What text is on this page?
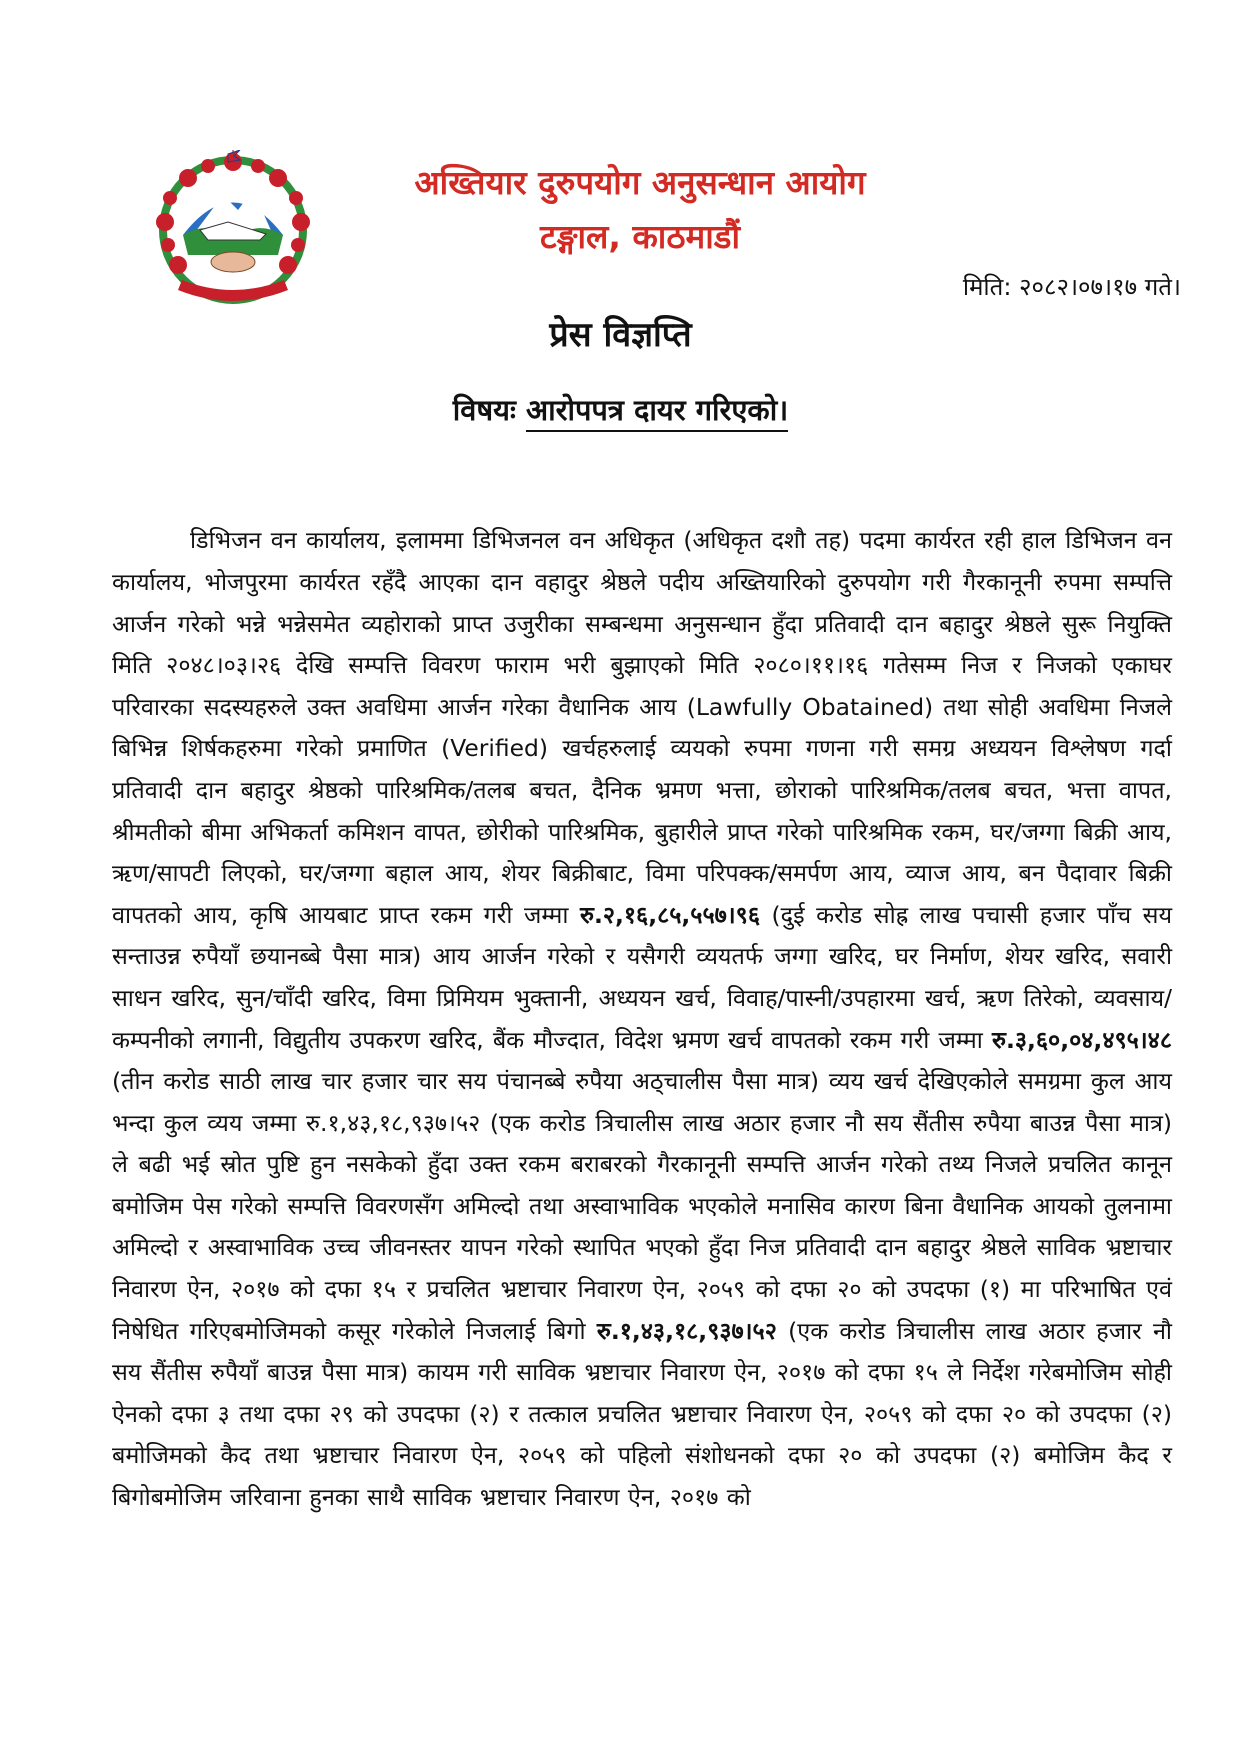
अख्तियार दुरुपयोग अनुसन्धान आयोग
टङ्गाल, काठमाडौं
मिति: २०८२।०७।१७ गते।
प्रेस विज्ञप्ति
विषयः आरोपपत्र दायर गरिएको।

डिभिजन वन कार्यालय, इलाममा डिभिजनल वन अधिकृत (अधिकृत दशौ तह) पदमा कार्यरत रही हाल डिभिजन वन कार्यालय, भोजपुरमा कार्यरत रहँदै आएका दान वहादुर श्रेष्ठले पदीय अख्तियारिको दुरुपयोग गरी गैरकानूनी रुपमा सम्पत्ति आर्जन गरेको भन्ने भन्नेसमेत व्यहोराको प्राप्त उजुरीका सम्बन्धमा अनुसन्धान हुँदा प्रतिवादी दान बहादुर श्रेष्ठले सुरू नियुक्ति मिति २०४८।०३।२६ देखि सम्पत्ति विवरण फाराम भरी बुझाएको मिति २०८०।११।१६ गतेसम्म निज र निजको एकाघर परिवारका सदस्यहरुले उक्त अवधिमा आर्जन गरेका वैधानिक आय (Lawfully Obatained) तथा सोही अवधिमा निजले बिभिन्न शिर्षकहरुमा गरेको प्रमाणित (Verified) खर्चहरुलाई व्ययको रुपमा गणना गरी समग्र अध्ययन विश्लेषण गर्दा प्रतिवादी दान बहादुर श्रेष्ठको पारिश्रमिक/तलब बचत, दैनिक भ्रमण भत्ता, छोराको पारिश्रमिक/तलब बचत, भत्ता वापत, श्रीमतीको बीमा अभिकर्ता कमिशन वापत, छोरीको पारिश्रमिक, बुहारीले प्राप्त गरेको पारिश्रमिक रकम, घर/जग्गा बिक्री आय, ऋण/सापटी लिएको, घर/जग्गा बहाल आय, शेयर बिक्रीबाट, विमा परिपक्क/समर्पण आय, व्याज आय, बन पैदावार बिक्री वापतको आय, कृषि आयबाट प्राप्त रकम गरी जम्मा रु.२,१६,८५,५५७।९६ (दुई करोड सोह्र लाख पचासी हजार पाँच सय सन्ताउन्न रुपैयाँ छयानब्बे पैसा मात्र) आय आर्जन गरेको र यसैगरी व्ययतर्फ जग्गा खरिद, घर निर्माण, शेयर खरिद, सवारी साधन खरिद, सुन/चाँदी खरिद, विमा प्रिमियम भुक्तानी, अध्ययन खर्च, विवाह/पास्नी/उपहारमा खर्च, ऋण तिरेको, व्यवसाय/कम्पनीको लगानी, विद्युतीय उपकरण खरिद, बैंक मौज्दात, विदेश भ्रमण खर्च वापतको रकम गरी जम्मा रु.३,६०,०४,४९५।४८ (तीन करोड साठी लाख चार हजार चार सय पंचानब्बे रुपैया अठ्चालीस पैसा मात्र) व्यय खर्च देखिएकोले समग्रमा कुल आय भन्दा कुल व्यय जम्मा रु.१,४३,१८,९३७।५२ (एक करोड त्रिचालीस लाख अठार हजार नौ सय सैंतीस रुपैया बाउन्न पैसा मात्र) ले बढी भई स्रोत पुष्टि हुन नसकेको हुँदा उक्त रकम बराबरको गैरकानूनी सम्पत्ति आर्जन गरेको तथ्य निजले प्रचलित कानून बमोजिम पेस गरेको सम्पत्ति विवरणसँग अमिल्दो तथा अस्वाभाविक भएकोले मनासिव कारण बिना वैधानिक आयको तुलनामा अमिल्दो र अस्वाभाविक उच्च जीवनस्तर यापन गरेको स्थापित भएको हुँदा निज प्रतिवादी दान बहादुर श्रेष्ठले साविक भ्रष्टाचार निवारण ऐन, २०१७ को दफा १५ र प्रचलित भ्रष्टाचार निवारण ऐन, २०५९ को दफा २० को उपदफा (१) मा परिभाषित एवं निषेधित गरिएबमोजिमको कसूर गरेकोले निजलाई बिगो रु.१,४३,१८,९३७।५२ (एक करोड त्रिचालीस लाख अठार हजार नौ सय सैंतीस रुपैयाँ बाउन्न पैसा मात्र) कायम गरी साविक भ्रष्टाचार निवारण ऐन, २०१७ को दफा १५ ले निर्देश गरेबमोजिम सोही ऐनको दफा ३ तथा दफा २९ को उपदफा (२) र तत्काल प्रचलित भ्रष्टाचार निवारण ऐन, २०५९ को दफा २० को उपदफा (२) बमोजिमको कैद तथा भ्रष्टाचार निवारण ऐन, २०५९ को पहिलो संशोधनको दफा २० को उपदफा (२) बमोजिम कैद र बिगोबमोजिम जरिवाना हुनका साथै साविक भ्रष्टाचार निवारण ऐन, २०१७ को
